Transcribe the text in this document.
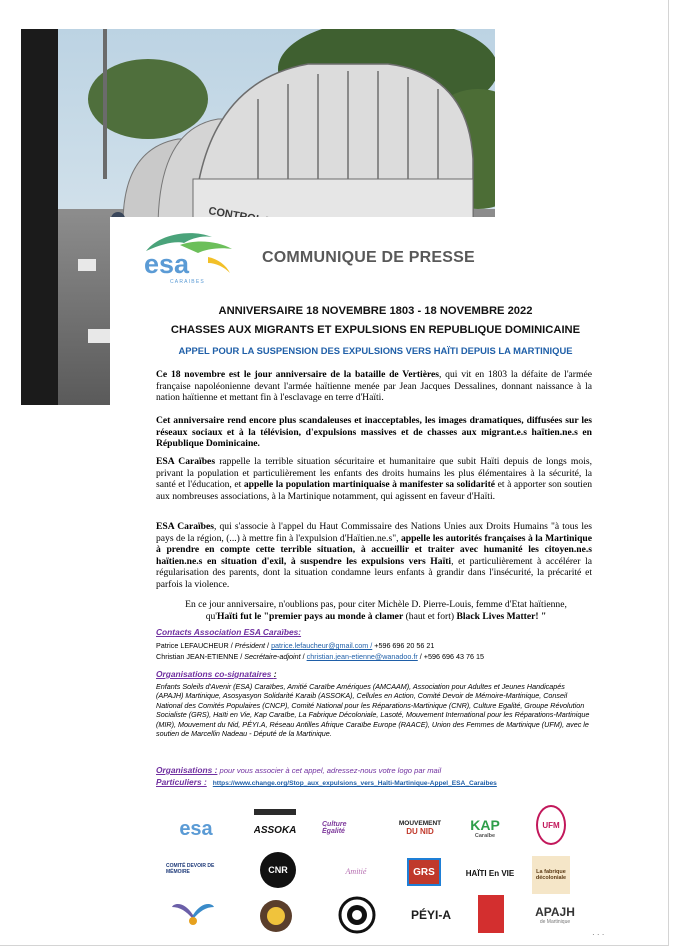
esa
CARAIBES
COMMUNIQUE DE PRESSE
ANNIVERSAIRE 18 NOVEMBRE 1803 - 18 NOVEMBRE 2022
CHASSES AUX MIGRANTS ET EXPULSIONS EN REPUBLIQUE DOMINICAINE
APPEL POUR LA SUSPENSION DES EXPULSIONS VERS HAÏTI DEPUIS LA MARTINIQUE

Ce 18 novembre est le jour anniversaire de la bataille de Vertières, qui vit en 1803 la défaite de l'armée française napoléonienne devant l'armée haïtienne menée par Jean Jacques Dessalines, donnant naissance à la nation haïtienne et mettant fin à l'esclavage en terre d'Haïti.

Cet anniversaire rend encore plus scandaleuses et inacceptables, les images dramatiques, diffusées sur les réseaux sociaux et à la télévision, d'expulsions massives et de chasses aux migrant.e.s haïtien.ne.s en République Dominicaine.

ESA Caraïbes rappelle la terrible situation sécuritaire et humanitaire que subit Haïti depuis de longs mois, privant la population et particulièrement les enfants des droits humains les plus élémentaires à la sécurité, la santé et l'éducation, et appelle la population martiniquaise à manifester sa solidarité et à apporter son soutien aux nombreuses associations, à la Martinique notamment, qui agissent en faveur d'Haïti.

ESA Caraïbes, qui s'associe à l'appel du Haut Commissaire des Nations Unies aux Droits Humains "à tous les pays de la région, (...) à mettre fin à l'expulsion d'Haïtien.ne.s", appelle les autorités françaises à la Martinique à prendre en compte cette terrible situation, à accueillir et traiter avec humanité les citoyen.ne.s haïtien.ne.s en situation d'exil, à suspendre les expulsions vers Haïti, et particulièrement à accélérer la régularisation des parents, dont la situation condamne leurs enfants à grandir dans l'insécurité, la précarité et parfois la violence.

En ce jour anniversaire, n'oublions pas, pour citer Michèle D. Pierre-Louis, femme d'Etat haïtienne,

qu'Haïti fut le "premier pays au monde à clamer (haut et fort) Black Lives Matter! "

Contacts Association ESA Caraïbes:
Patrice LEFAUCHEUR / Président / patrice.lefaucheur@gmail.com / +596 696 20 56 21
Christian JEAN-ETIENNE / Secrétaire-adjoint / christian.jean-etienne@wanadoo.fr / +596 696 43 76 15
Organisations co-signataires :

Enfants Soleils d'Avenir (ESA) Caraïbes, Amitié Caraïbe Amériques (AMCAAM), Association pour Adultes et Jeunes Handicapés (APAJH) Martinique, Asosyasyon Solidarité Karaib (ASSOKA), Cellules en Action, Comité Devoir de Mémoire-Martinique, Conseil National des Comités Populaires (CNCP), Comité National pour les Réparations-Martinique (CNR), Culture Egalité, Groupe Révolution Socialiste (GRS), Haïti en Vie, Kap Caraïbe, La Fabrique Décoloniale, Lasoté, Mouvement International pour les Réparations-Martinique (MIR), Mouvement du Nid, PÉYI.A, Réseau Antilles Afrique Caraïbe Europe (RAACE), Union des Femmes de Martinique (UFM), avec le soutien de Marcellin Nadeau - Député de la Martinique.

Organisations : pour vous associer à cet appel, adressez-nous votre logo par mail
Particuliers : https://www.change.org/Stop_aux_expulsions_vers_Haïti-Martinique-Appel_ESA_Caraibes
esa	ASSOKA	Culture Égalité
MOUVEMENT
DU NID	KAP
Caraïbe
UFM
COMITÉ DEVOIR DE MÉMOIRE	CNR	Amitié	GRS	HAÏTI En VIE	La fabrique décoloniale
PÉYI-A	APAJH
de Martinique
· · ·
